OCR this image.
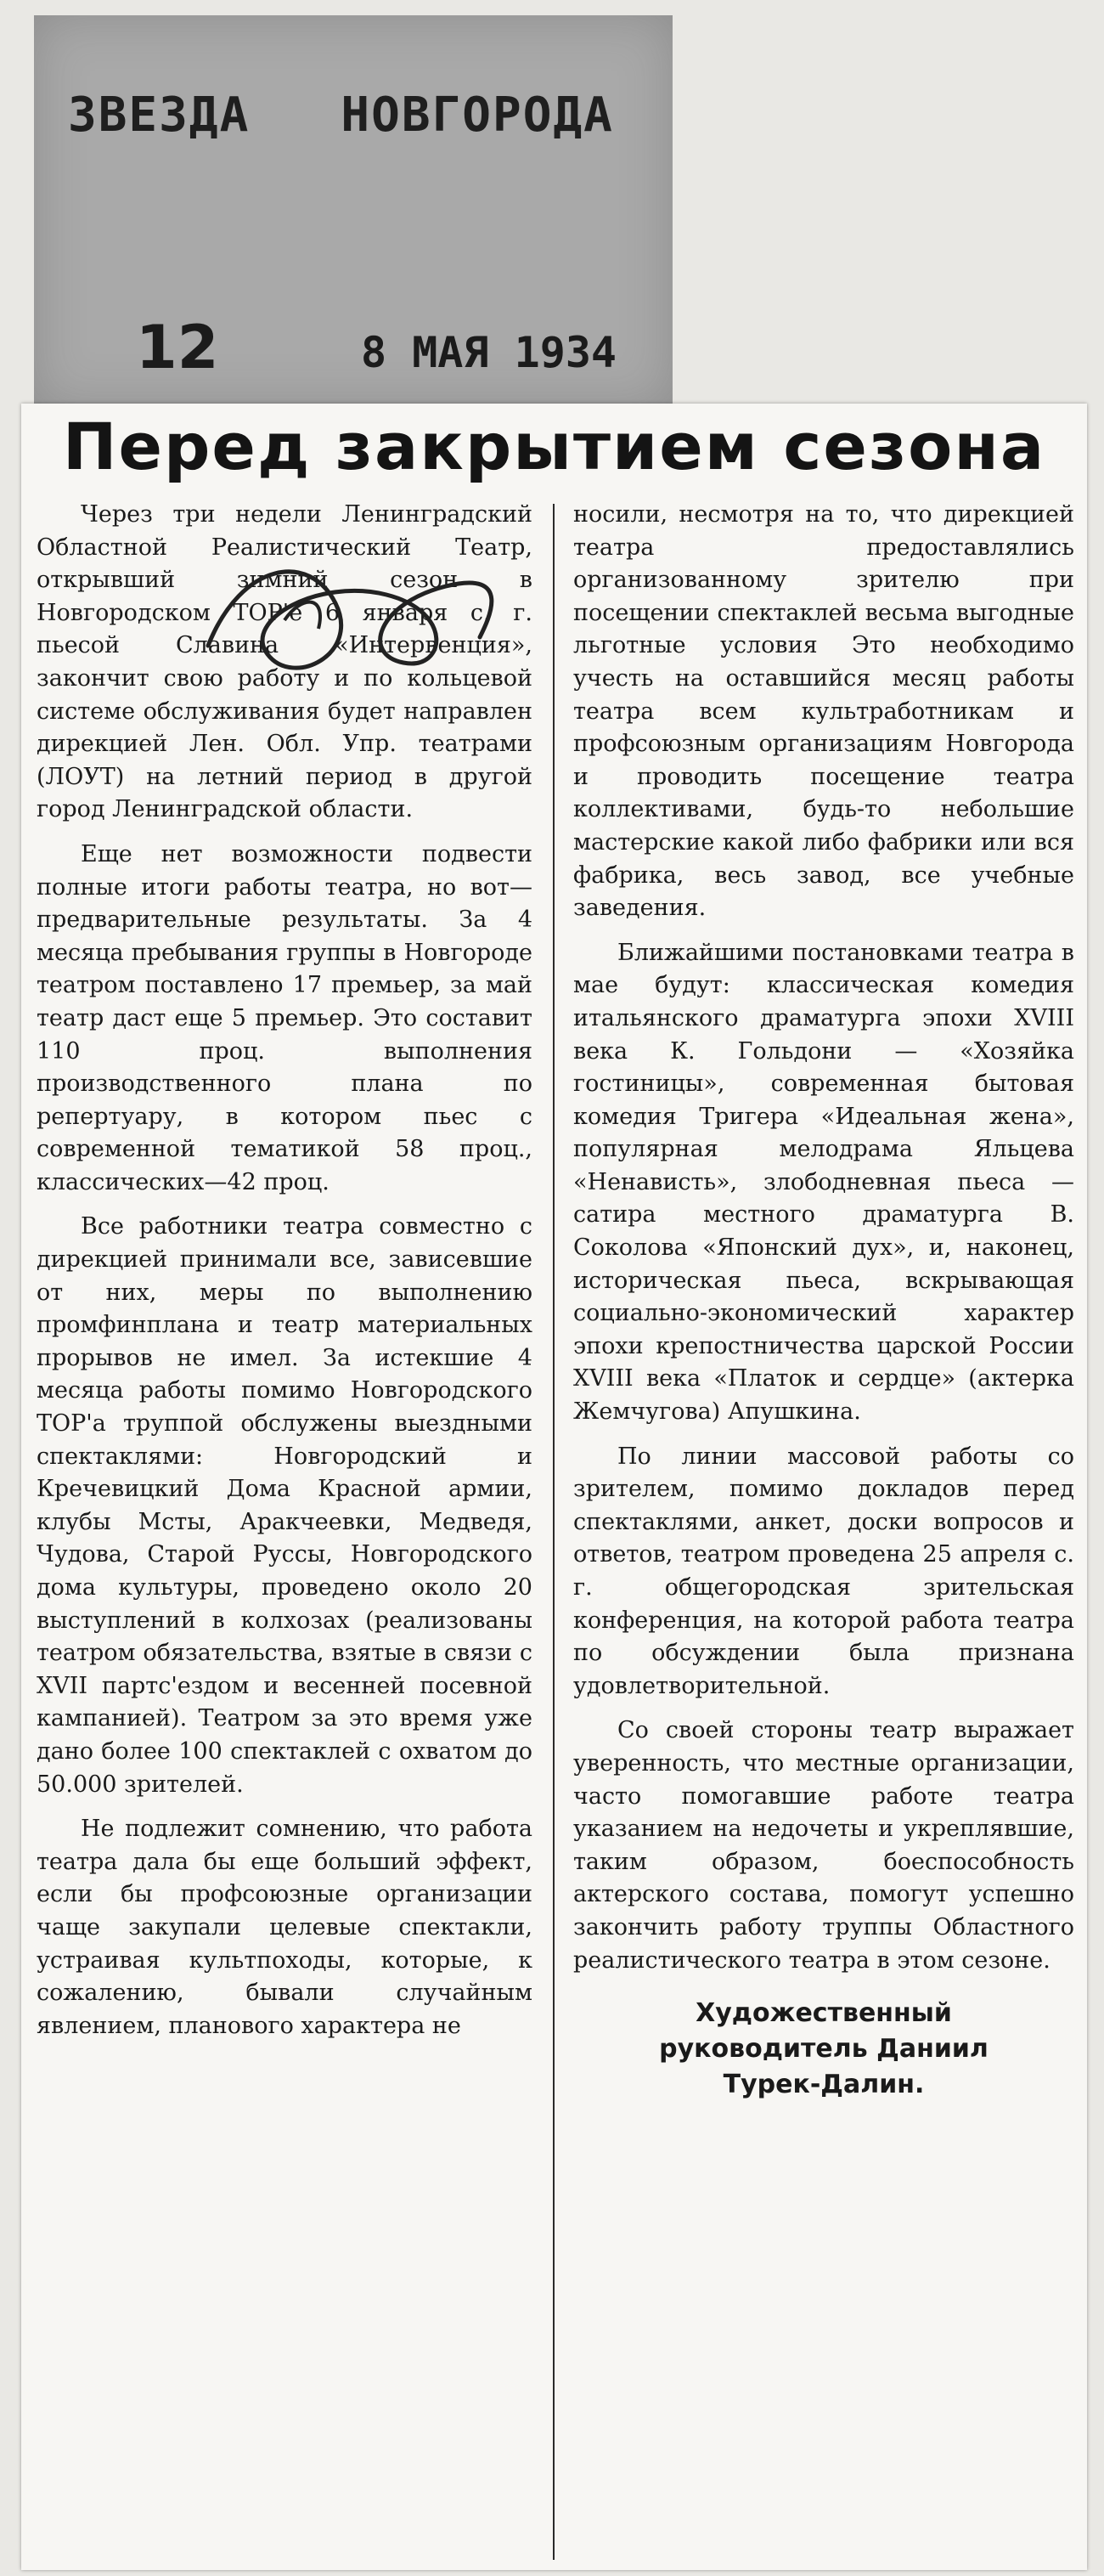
ЗВЕЗДА   НОВГОРОДА
12	8 МАЯ 1934
Перед закрытием сезона

Через три недели Ленинградский Областной Реалистический Театр, открывший зимний сезон в Новгородском ТОР'е 6 января с. г. пьесой Славина «Интервенция», закончит свою работу и по кольцевой системе обслуживания будет направлен дирекцией Лен. Обл. Упр. театрами (ЛОУТ) на летний период в другой город Ленинградской области.

Еще нет возможности подвести полные итоги работы театра, но вот—предварительные результаты. За 4 месяца пребывания группы в Новгороде театром поставлено 17 премьер, за май театр даст еще 5 премьер. Это составит 110 проц. выполнения производственного плана по репертуару, в котором пьес с современной тематикой 58 проц., классических—42 проц.

Все работники театра совместно с дирекцией принимали все, зависевшие от них, меры по выполнению промфинплана и театр материальных прорывов не имел. За истекшие 4 месяца работы помимо Новгородского ТОР'а труппой обслужены выездными спектаклями: Новгородский и Кречевицкий Дома Красной армии, клубы Мсты, Аракчеевки, Медведя, Чудова, Старой Руссы, Новгородского дома культуры, проведено около 20 выступлений в колхозах (реализованы театром обязательства, взятые в связи с XVII партс'ездом и весенней посевной кампанией). Театром за это время уже дано более 100 спектаклей с охватом до 50.000 зрителей.

Не подлежит сомнению, что работа театра дала бы еще больший эффект, если бы профсоюзные организации чаще закупали целевые спектакли, устраивая культпоходы, которые, к сожалению, бывали случайным явлением, планового характера не

носили, несмотря на то, что дирекцией театра предоставлялись организованному зрителю при посещении спектаклей весьма выгодные льготные условия Это необходимо учесть на оставшийся месяц работы театра всем культработникам и профсоюзным организациям Новгорода и проводить посещение театра коллективами, будь-то небольшие мастерские какой либо фабрики или вся фабрика, весь завод, все учебные заведения.

Ближайшими постановками театра в мае будут: классическая комедия итальянского драматурга эпохи XVIII века К. Гольдони — «Хозяйка гостиницы», современная бытовая комедия Тригера «Идеальная жена», популярная мелодрама Яльцева «Ненависть», злободневная пьеса — сатира местного драматурга В. Соколова «Японский дух», и, наконец, историческая пьеса, вскрывающая социально-экономический характер эпохи крепостничества царской России XVIII века «Платок и сердце» (актерка Жемчугова) Апушкина.

По линии массовой работы со зрителем, помимо докладов перед спектаклями, анкет, доски вопросов и ответов, театром проведена 25 апреля с. г. общегородская зрительская конференция, на которой работа театра по обсуждении была признана удовлетворительной.

Со своей стороны театр выражает уверенность, что местные организации, часто помогавшие работе театра указанием на недочеты и укреплявшие, таким образом, боеспособность актерского состава, помогут успешно закончить работу труппы Областного реалистического театра в этом сезоне.

Художественный
руководитель Даниил
Турек-Далин.
